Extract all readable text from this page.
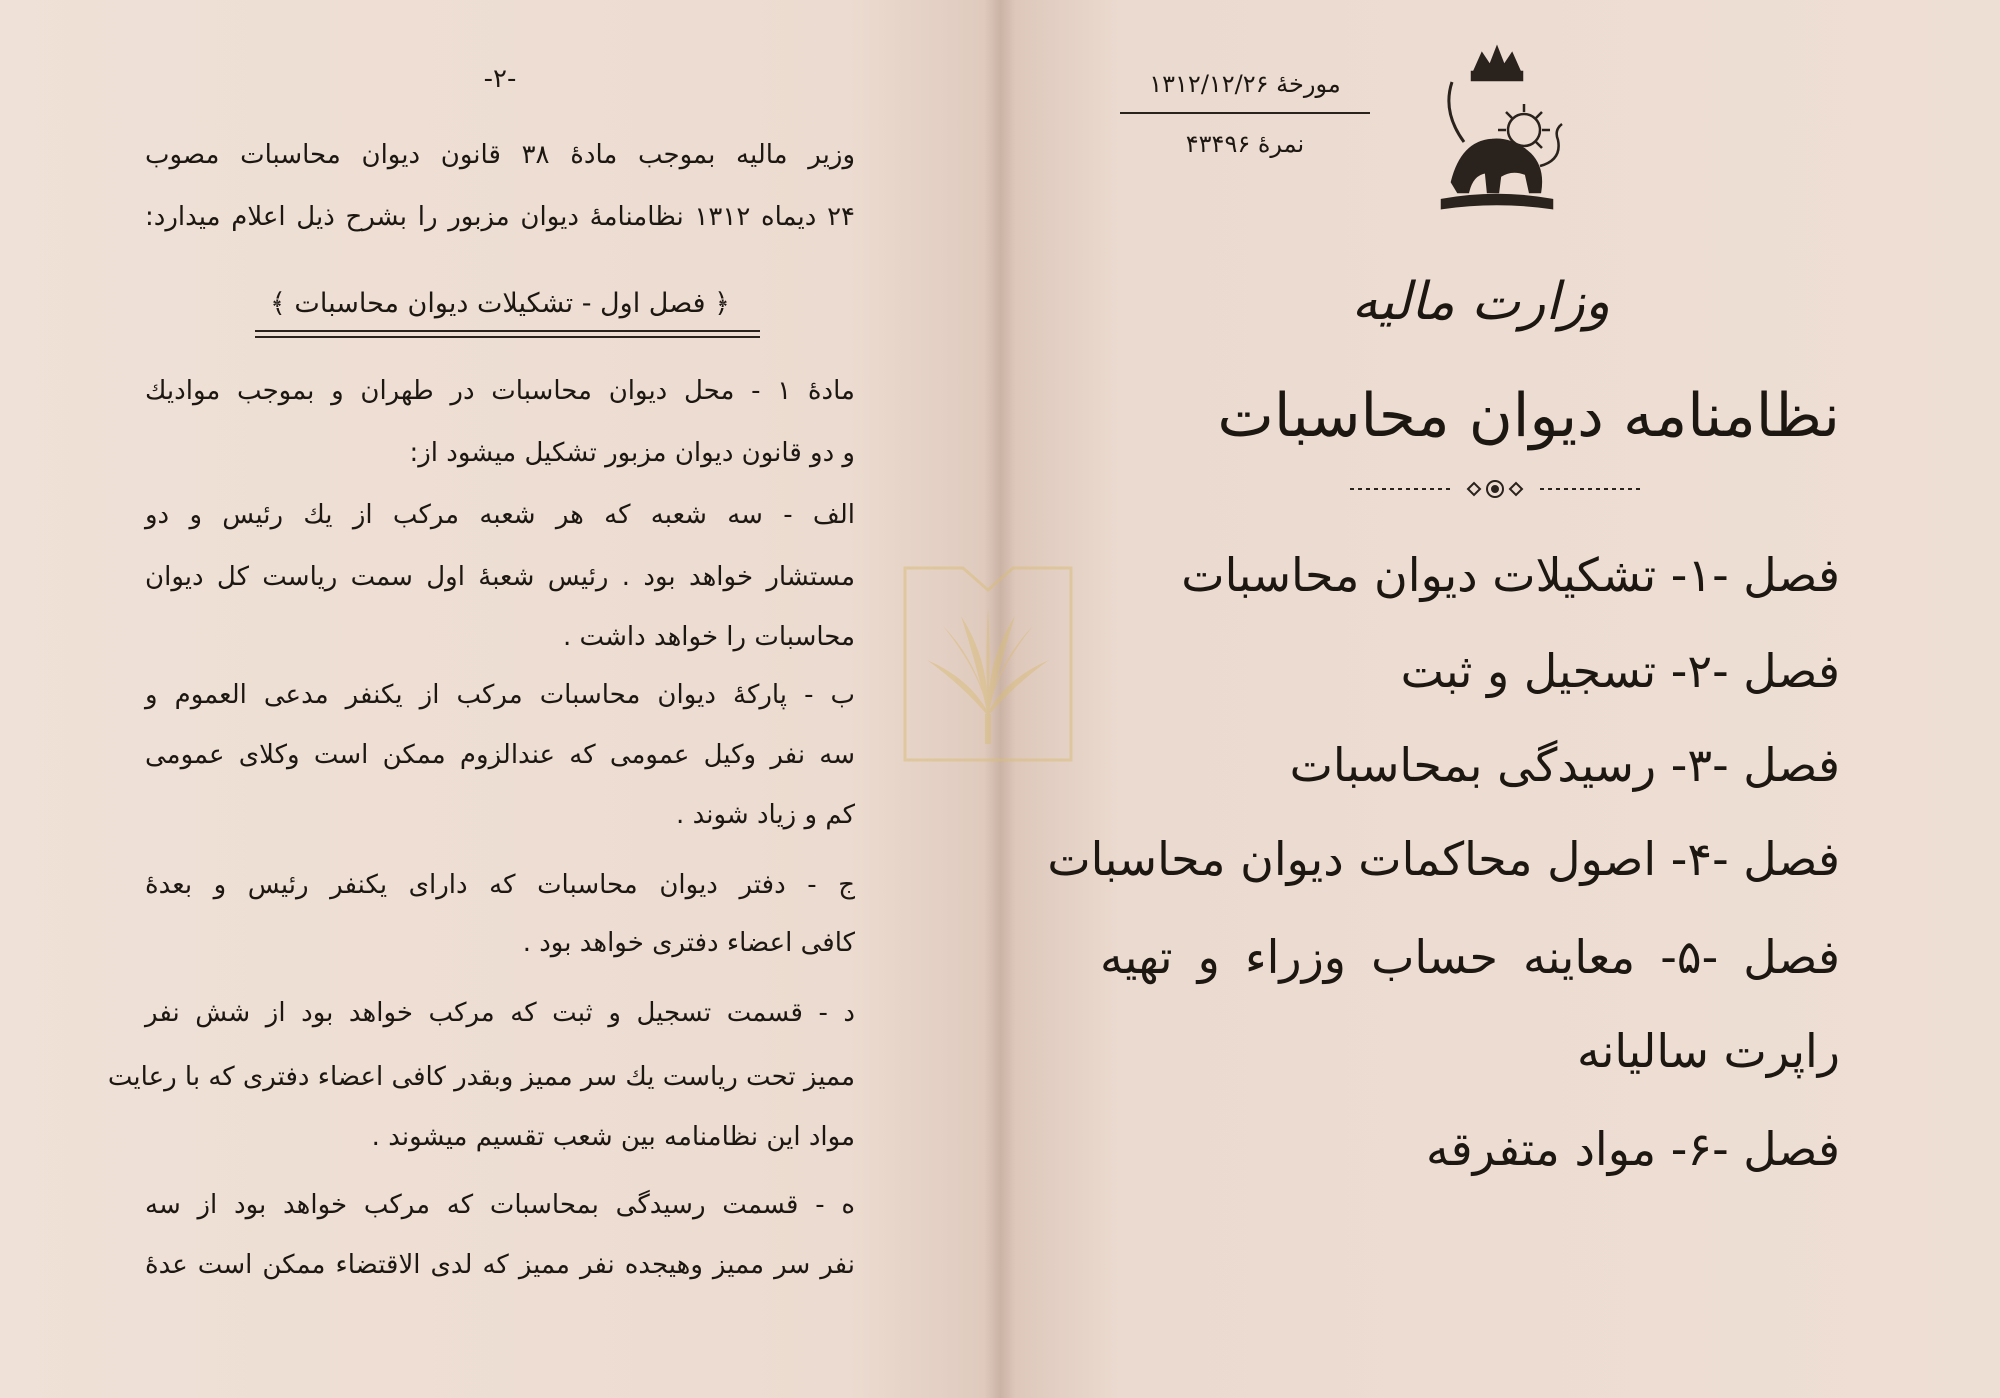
-۲-
وزیر مالیه بموجب مادهٔ ۳۸ قانون دیوان محاسبات مصوب
۲۴ دیماه ۱۳۱۲ نظامنامهٔ دیوان مزبور را بشرح ذیل اعلام میدارد:
﴿ فصل اول - تشکیلات دیوان محاسبات ﴾
مادهٔ ۱ - محل دیوان محاسبات در طهران و بموجب موادیك
و دو قانون دیوان مزبور تشکیل میشود از:
الف - سه شعبه که هر شعبه مرکب از یك رئیس و دو
مستشار خواهد بود . رئیس شعبهٔ اول سمت ریاست کل دیوان
محاسبات را خواهد داشت .
ب - پارکهٔ دیوان محاسبات مرکب از یکنفر مدعی العموم و
سه نفر وکیل عمومی که عندالزوم ممکن است وکلای عمومی
کم و زیاد شوند .
ج - دفتر دیوان محاسبات که دارای یکنفر رئیس و بعدهٔ
کافی اعضاء دفتری خواهد بود .
د - قسمت تسجیل و ثبت که مرکب خواهد بود از شش نفر
ممیز تحت ریاست یك سر ممیز وبقدر کافی اعضاء دفتری که با رعایت
مواد این نظامنامه بین شعب تقسیم میشوند .
ه - قسمت رسیدگی بمحاسبات که مرکب خواهد بود از سه
نفر سر ممیز وهیجده نفر ممیز که لدی الاقتضاء ممکن است عدهٔ
مورخهٔ ۱۳۱۲/۱۲/۲۶
نمرهٔ ۴۳۴۹۶
وزارت مالیه
نظامنامه دیوان محاسبات
فصل -۱- تشکیلات دیوان محاسبات
فصل -۲- تسجیل و ثبت
فصل -۳- رسیدگی بمحاسبات
فصل -۴- اصول محاکمات دیوان محاسبات
فصل -۵- معاینه حساب وزراء و تهیه
راپرت سالیانه
فصل -۶- مواد متفرقه
